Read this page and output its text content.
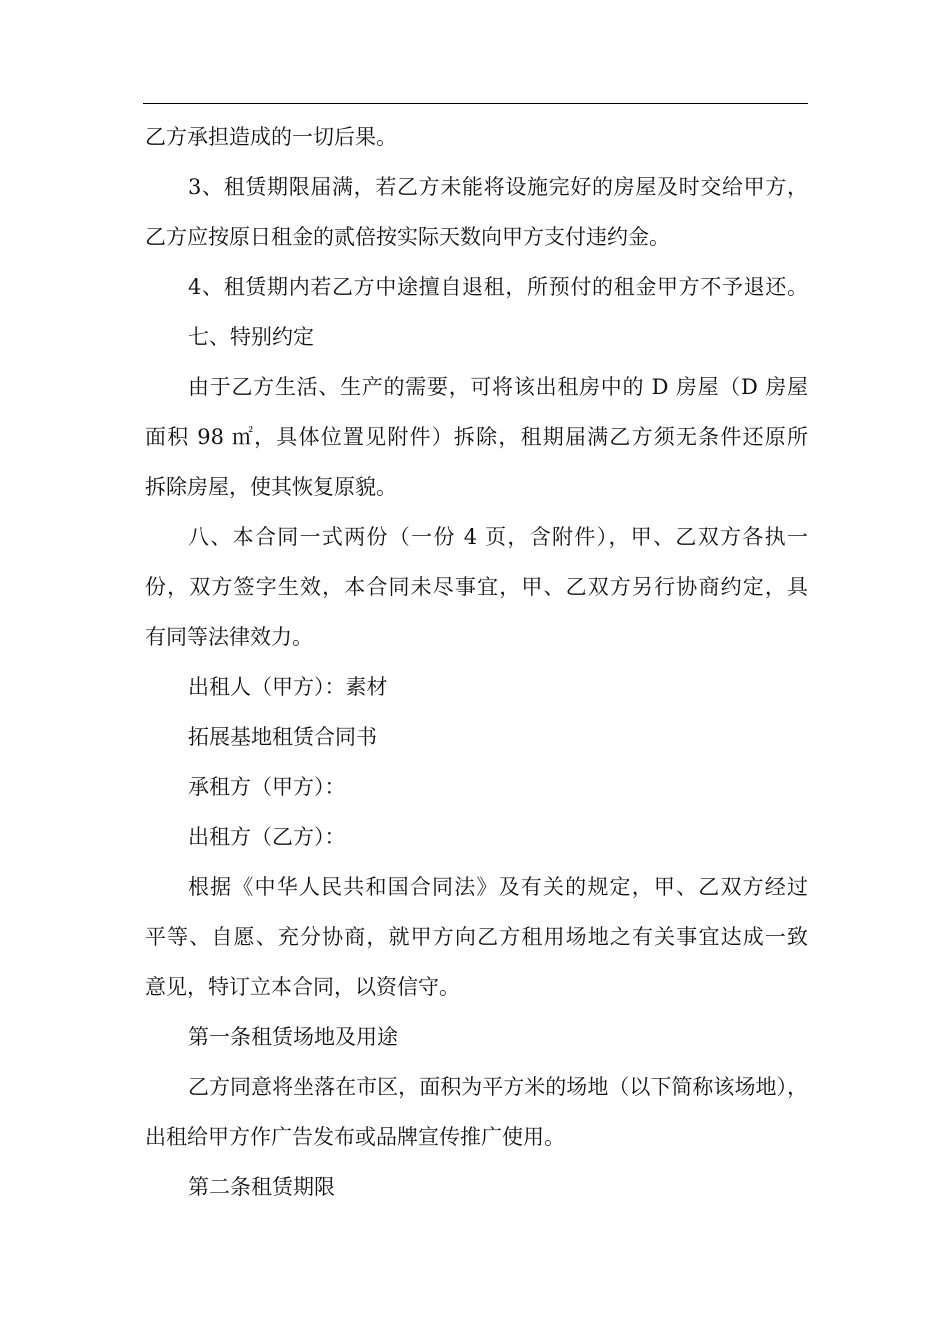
乙方承担造成的一切后果。
3、租赁期限届满，若乙方未能将设施完好的房屋及时交给甲方，
乙方应按原日租金的贰倍按实际天数向甲方支付违约金。
4、租赁期内若乙方中途擅自退租，所预付的租金甲方不予退还。
七、特别约定
由于乙方生活、生产的需要，可将该出租房中的 D 房屋（D 房屋
面积 98 ㎡，具体位置见附件）拆除，租期届满乙方须无条件还原所
拆除房屋，使其恢复原貌。
八、本合同一式两份（一份 4 页，含附件），甲、乙双方各执一
份，双方签字生效，本合同未尽事宜，甲、乙双方另行协商约定，具
有同等法律效力。
出租人（甲方）：素材
拓展基地租赁合同书
承租方（甲方）：
出租方（乙方）：
根据《中华人民共和国合同法》及有关的规定，甲、乙双方经过
平等、自愿、充分协商，就甲方向乙方租用场地之有关事宜达成一致
意见，特订立本合同，以资信守。
第一条租赁场地及用途
乙方同意将坐落在市区，面积为平方米的场地（以下简称该场地），
出租给甲方作广告发布或品牌宣传推广使用。
第二条租赁期限
